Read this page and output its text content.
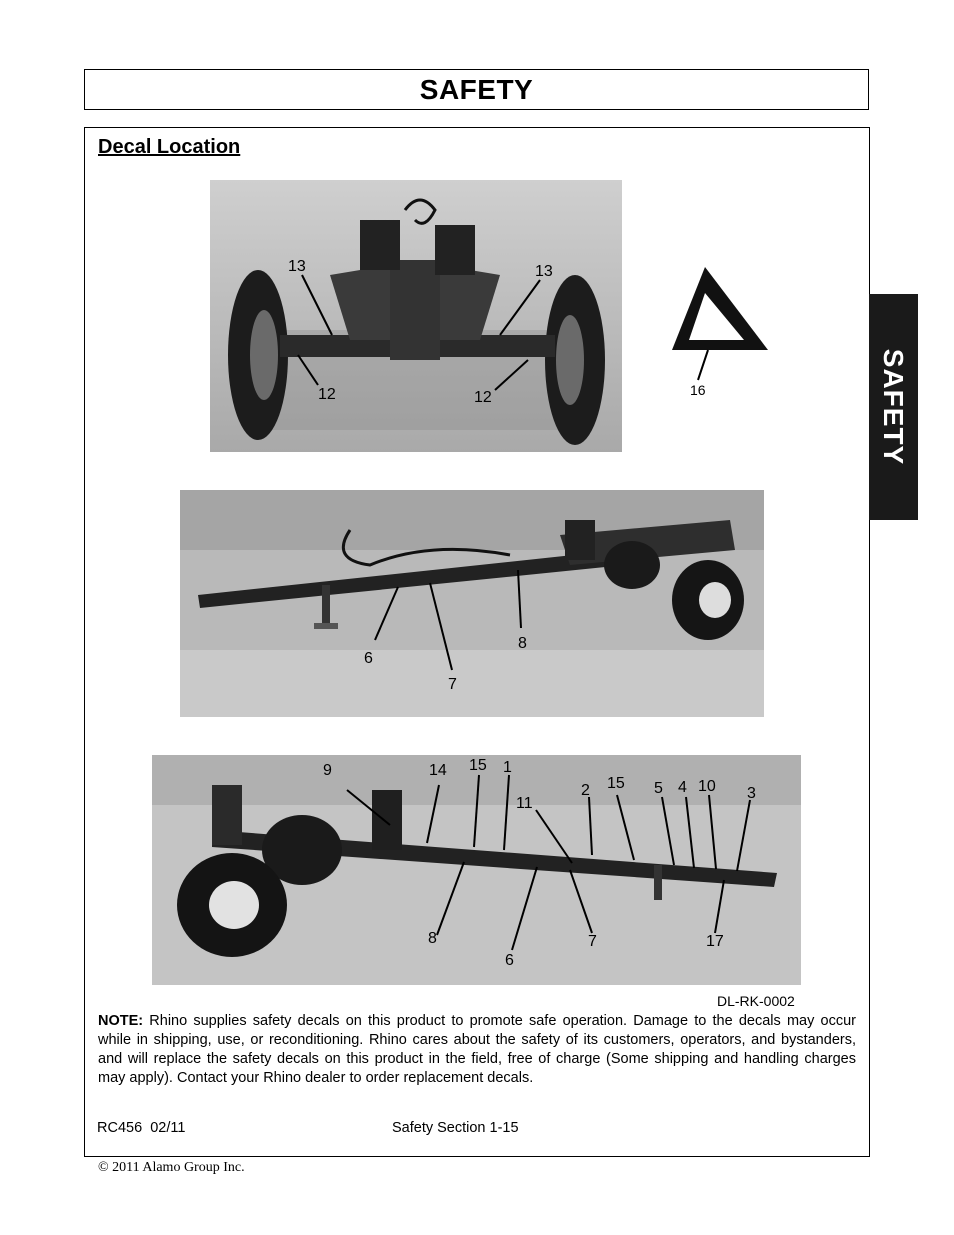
SAFETY
Decal Location
SAFETY
13	13
12	12	16
6
7
8
9	14 15 1
11
2 15 5 4 10 3
8
6
7	17
DL-RK-0002
NOTE: Rhino supplies safety decals on this product to promote safe operation. Damage to the decals may occur while in shipping, use, or reconditioning. Rhino cares about the safety of its customers, operators, and bystanders, and will replace the safety decals on this product in the field, free of charge (Some shipping and handling charges may apply). Contact your Rhino dealer to order replacement decals.
RC456  02/11	Safety Section 1-15
© 2011 Alamo Group Inc.
